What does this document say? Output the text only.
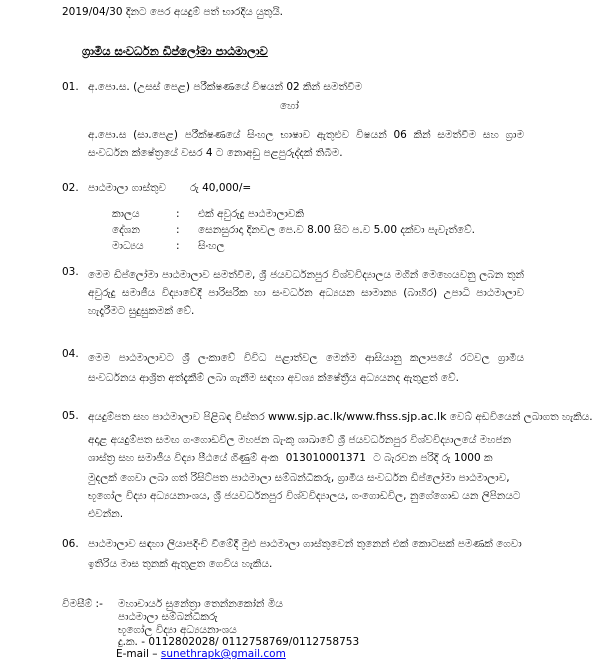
2019/04/30 දිනට පෙර අයදුම් පත් භාරදිය යුතුයි.
ග්‍රාමීය සංවර්ධන ඩිප්ලෝමා පාඨමාලාව
01. අ.පො.ස. (උසස් පෙළ) පරීක්ෂණයේ විෂයන් 02 කින් සමත්වීම
හෝ
අ.පො.ස (සා.පෙළ) පරීක්ෂණයේ සිංහල භාෂාව ඇතුළුව විෂයන් 06 කින් සමත්වීම සහ ග්‍රාම සංවර්ධන ක්ෂේත්‍රයේ වසර 4 ට නොඅඩු පළපුරුද්දක් තිබීම.
02. පාඨමාලා ගාස්තුව රු 40,000/=
කාලය	: එක් අවුරුදු පාඨමාලාවකි
දේශන	: සෙනසුරාදා දිනවල පෙ.ව 8.00 සිට ප.ව 5.00 දක්වා පැවැත්වේ.
මාධ්‍යය	: සිංහල
03. මෙම ඩිප්ලෝමා පාඨමාලාව සමත්වීම, ශ්‍රී ජයවර්ධනපුර විශ්වවිද්‍යාලය මගින් මෙහෙයවනු ලබන තුන් අවුරුදු සමාජීය විද්‍යාවේදී පාරිසරික හා සංවර්ධන අධ්‍යයන සාමාන්‍ය (බාහිර) උපාධි පාඨමාලාව හැදෑරීමට සුදුසුකමක් වේ.
04. මෙම පාඨමාලාවට ශ්‍රී ලංකාවේ විවිධ පළාත්වල මෙන්ම ආසියානු කලාපයේ රටවල ග්‍රාමීය සංවර්ධනය ආශ්‍රිත අත්දැකීම් ලබා ගැනීම සඳහා අවශ්‍ය ක්ෂේත්‍රීය අධ්‍යයනද ඇතුළත් වේ.
05. අයදුම්පත සහ පාඨමාලාව පිළිබඳ විස්තර www.sjp.ac.lk/www.fhss.sjp.ac.lk වෙබ් අඩවියෙන් ලබාගත හැකිය.
අදාළ අයදුම්පත සමඟ ගංගොඩවිල මහජන බැංකු ශාඛාවේ ශ්‍රී ජයවර්ධනපුර විශ්වවිද්‍යාලයේ මහජන
ශාස්ත්‍ර සහ සමාජීය විද්‍යා පීඨයේ ගිණුම් අංක 013010001371 ට බැරවන පරිදි රු 1000 ක
මුදලක් ගෙවා ලබා ගත් රිසිට්පත පාඨමාලා සම්බන්ධීකරු, ග්‍රාමීය සංවර්ධන ඩිප්ලෝමා පාඨමාලාව,
භූගෝල විද්‍යා අධ්‍යයනාංශය, ශ්‍රී ජයවර්ධනපුර විශ්වවිද්‍යාලය, ගංගොඩවිල, නුගේගොඩ යන ලිපිනයට
එවන්න.
06. පාඨමාලාව සඳහා ලියාපදිංචි වීමේදී මුළු පාඨමාලා ගාස්තුවෙන් තුනෙන් එක් කොටසක් පමණක් ගෙවා
ඉතිරිය මාස තුනක් ඇතුළත ගෙවිය හැකිය.
විමසීම් :- මහාචාර්ය සුනේත්‍රා තෙන්නකෝන් මිය
පාඨමාලා සම්බන්ධීකරු
භූගෝල විද්‍යා අධ්‍යයනාංශය
දු.ක. - 0112802028/ 0112758769/0112758753
E-mail – sunethrapk@gmail.com
